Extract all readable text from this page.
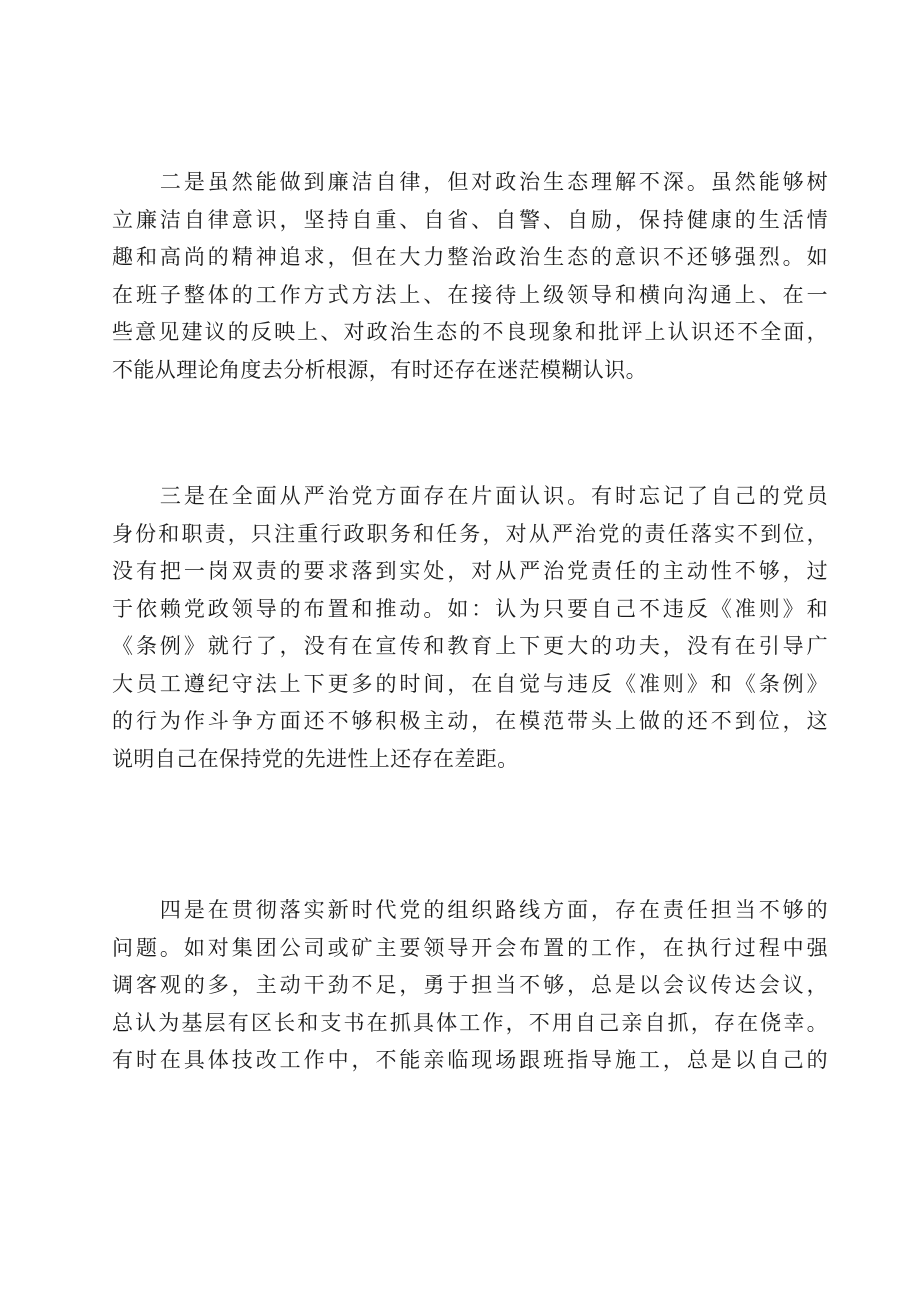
　　二是虽然能做到廉洁自律，但对政治生态理解不深。虽然能够树
立廉洁自律意识，坚持自重、自省、自警、自励，保持健康的生活情
趣和高尚的精神追求，但在大力整治政治生态的意识不还够强烈。如
在班子整体的工作方式方法上、在接待上级领导和横向沟通上、在一
些意见建议的反映上、对政治生态的不良现象和批评上认识还不全面，
不能从理论角度去分析根源，有时还存在迷茫模糊认识。
　　三是在全面从严治党方面存在片面认识。有时忘记了自己的党员
身份和职责，只注重行政职务和任务，对从严治党的责任落实不到位，
没有把一岗双责的要求落到实处，对从严治党责任的主动性不够，过
于依赖党政领导的布置和推动。如：认为只要自己不违反《准则》和
《条例》就行了，没有在宣传和教育上下更大的功夫，没有在引导广
大员工遵纪守法上下更多的时间，在自觉与违反《准则》和《条例》
的行为作斗争方面还不够积极主动，在模范带头上做的还不到位，这
说明自己在保持党的先进性上还存在差距。
　　四是在贯彻落实新时代党的组织路线方面，存在责任担当不够的
问题。如对集团公司或矿主要领导开会布置的工作，在执行过程中强
调客观的多，主动干劲不足，勇于担当不够，总是以会议传达会议，
总认为基层有区长和支书在抓具体工作，不用自己亲自抓，存在侥幸。
有时在具体技改工作中，不能亲临现场跟班指导施工，总是以自己的
